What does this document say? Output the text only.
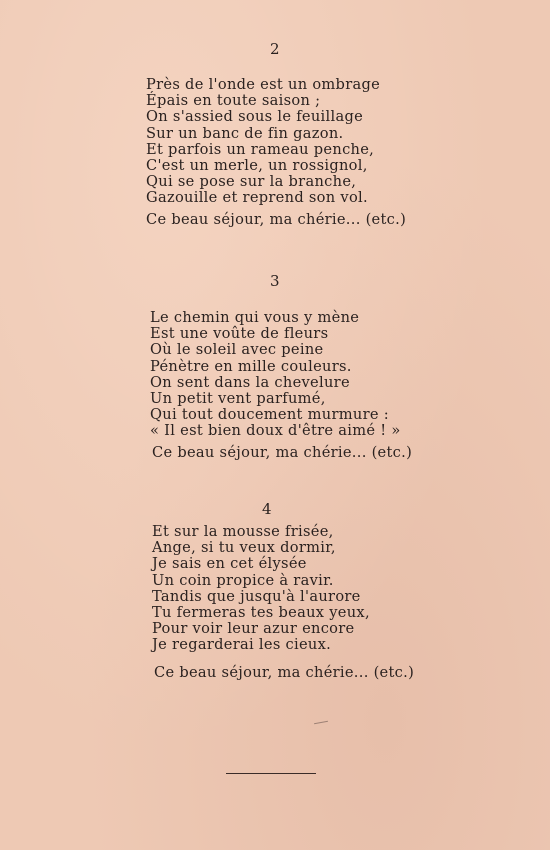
2
Près de l'onde est un ombrage
Épais en toute saison ;
On s'assied sous le feuillage
Sur un banc de fin gazon.
Et parfois un rameau penche,
C'est un merle, un rossignol,
Qui se pose sur la branche,
Gazouille et reprend son vol.
Ce beau séjour, ma chérie... (etc.)
3
Le chemin qui vous y mène
Est une voûte de fleurs
Où le soleil avec peine
Pénètre en mille couleurs.
On sent dans la chevelure
Un petit vent parfumé,
Qui tout doucement murmure :
« Il est bien doux d'être aimé ! »
Ce beau séjour, ma chérie... (etc.)
4
Et sur la mousse frisée,
Ange, si tu veux dormir,
Je sais en cet élysée
Un coin propice à ravir.
Tandis que jusqu'à l'aurore
Tu fermeras tes beaux yeux,
Pour voir leur azur encore
Je regarderai les cieux.
Ce beau séjour, ma chérie... (etc.)
